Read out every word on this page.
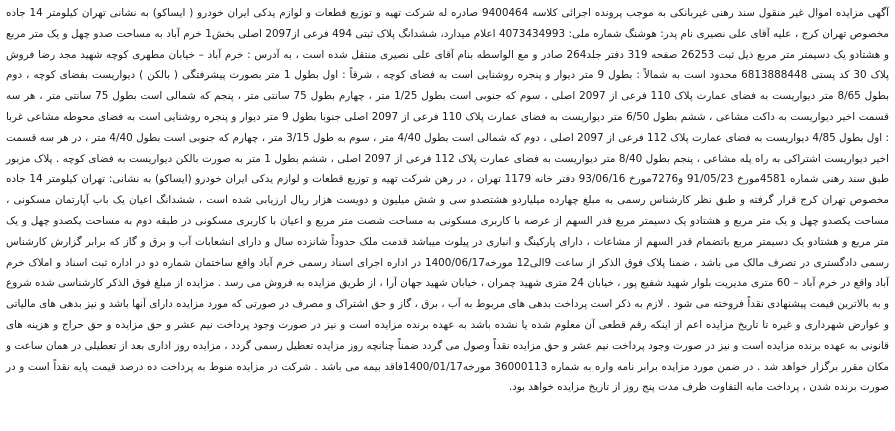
آگهی مزایده اموال غیر منقول سند رهنی غیربانکی به موجب پرونده اجرائی کلاسه 9400464 صادره له شرکت تهیه و توزیع قطعات و لوازم یدکی ایران خودرو ( ایساکو) به نشانی تهران کیلومتر 14 جاده مخصوص تهران کرج ، علیه آقای علی نصیری نام پدر: هوشنگ شماره ملی: 4073434993 اعلام میدارد، ششدانگ پلاک ثبتی 494 فرعی از2097 اصلی بخش1 خرم آباد به مساحت صدو چهل و یک متر مربع و هشتادو یک دسیمتر متر مربع ذیل ثبت 26253 صفحه 319 دفتر جلد264 صادر و مع الواسطه بنام آقای علی نصیری منتقل شده است ، به آدرس : خرم آباد – خیابان مطهری کوچه شهید مجد رضا فروش پلاک 30 کد پستی 6813888448 محدود است به شمالاً : بطول 9 متر دیوار و پنجره روشنایی است به فضای کوچه ، شرقاً : اول بطول 1 متر بصورت پیشرفتگی ( بالکن ) دیواریست بفضای کوچه ، دوم بطول 8/65 متر دیواریست به فضای عمارت پلاک 110 فرعی از 2097 اصلی ، سوم که جنوبی است بطول 1/25 متر ، چهارم بطول 75 سانتی متر ، پنجم که شمالی است بطول 75 سانتی متر ، هر سه قسمت اخیر دیواریست به داکت مشاعی ، ششم بطول 6/50 متر دیواریست به فضای عمارت پلاک 110 فرعی از 2097 اصلی جنوبا بطول 9 متر دیوار و پنجره روشنایی است به فضای محوطه مشاعی غربا : اول بطول 4/85 دیواریست به فضای عمارت پلاک 112 فرعی از 2097 اصلی ، دوم که شمالی است بطول 4/40 متر ، سوم به طول 3/15 متر ، چهارم که جنوبی است بطول 4/40 متر ، در هر سه قسمت اخیر دیواریست اشتراکی به راه پله مشاعی ، پنجم بطول 8/40 متر دیواریست به فضای عمارت پلاک 112 فرعی از 2097 اصلی ، ششم بطول 1 متر به صورت بالکن دیواریست به فضای کوچه . پلاک مزبور طبق سند رهنی شماره 4581مورخ 91/05/23 و7276مورخ 93/06/16 دفتر خانه 1179 تهران ، در رهن شرکت تهیه و توزیع قطعات و لوازم یدکی ایران خودرو (ایساکو) به نشانی: تهران کیلومتر 14 جاده مخصوص تهران کرج قرار گرفته و طبق نظر کارشناس رسمی به مبلغ چهارده میلیاردو هشتصدو سی و شش میلیون و دویست هزار ریال ارزیابی شده است ، ششدانگ اعیان یک باب آپارتمان مسکونی ، مساحت یکصدو چهل و یک متر مربع و هشتادو یک دسیمتر مربع قدر السهم از عرصه با کاربری مسکونی به مساحت شصت متر مربع و اعیان با کاربری مسکونی در طبقه دوم به مساحت یکصدو چهل و یک متر مربع و هشتادو یک دسیمتر مربع باتضمام قدر السهم از مشاعات ، دارای پارکینگ و انباری در پیلوت میباشد قدمت ملک حدوداً شانزده سال و دارای انشعابات آب و برق و گاز که برابر گزارش کارشناس رسمی دادگستری در تصرف مالک می باشد ، ضمنا پلاک فوق الذکر از ساعت 9الی12 مورخه1400/06/17 در اداره اجرای اسناد رسمی خرم آباد واقع ساختمان شماره دو در اداره ثبت اسناد و املاک خرم آباد واقع در خرم آباد – 60 متری مدیریت بلوار شهید شفیع پور ، خیابان 24 متری شهید چمران ، خیابان شهید جهان آرا ، از طریق مزایده به فروش می رسد . مزایده از مبلغ فوق الذکر کارشناسی شده شروع و به بالاترین قیمت پیشنهادی نقداً فروخته می شود . لازم به ذکر است پرداخت بدهی های مربوط به آب ، برق ، گاز و حق اشتراک و مصرف در صورتی که مورد مزایده دارای آنها باشد و نیز بدهی های مالیاتی و عوارض شهرداری و غیره تا تاریخ مزایده اعم از اینکه رقم قطعی آن معلوم شده یا نشده باشد به عهده برنده مزایده است و نیز در صورت وجود پرداخت نیم عشر و حق مزایده و حق حراج و هزینه های قانونی به عهده برنده مزایده است و نیز در صورت وجود پرداخت نیم عشر و حق مزایده نقداً وصول می گردد ضمناً چنانچه روز مزایده تعطیل رسمی گردد ، مزایده روز اداری بعد از تعطیلی در همان ساعت و مکان مقرر برگزار خواهد شد . در ضمن مورد مزایده برابر نامه واره به شماره 36000113 مورخه1400/01/17فاقد بیمه می باشد . شرکت در مزایده منوط به پرداخت ده درصد قیمت پایه نقداً است و در صورت برنده شدن ، پرداخت مابه التفاوت ظرف مدت پنج روز از تاریخ مزایده خواهد بود.
